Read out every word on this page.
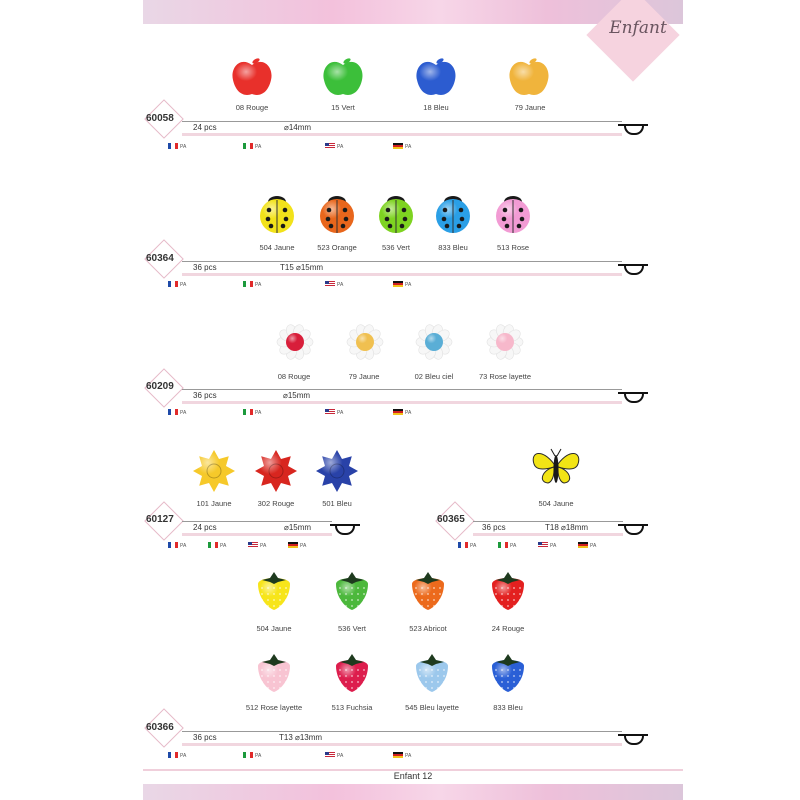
Enfant
08 Rouge	15 Vert	18 Bleu	79 Jaune
60058
24 pcs	⌀14mm
PA	PA	PA	PA
504 Jaune	523 Orange	536 Vert	833 Bleu	513 Rose
60364
36 pcs	T15 ⌀15mm
PA	PA	PA	PA
08 Rouge	79 Jaune	02 Bleu ciel	73 Rose layette
60209
36 pcs	⌀15mm
PA	PA	PA	PA
101 Jaune	302 Rouge	501 Bleu
60127
24 pcs	⌀15mm
PA	PA	PA	PA
504 Jaune
60365
36 pcs	T18 ⌀18mm
PA	PA	PA	PA
504 Jaune	536 Vert	523 Abricot	24 Rouge
512 Rose layette	513 Fuchsia	545 Bleu layette	833 Bleu
60366
36 pcs	T13 ⌀13mm
PA	PA	PA	PA
Enfant 12
